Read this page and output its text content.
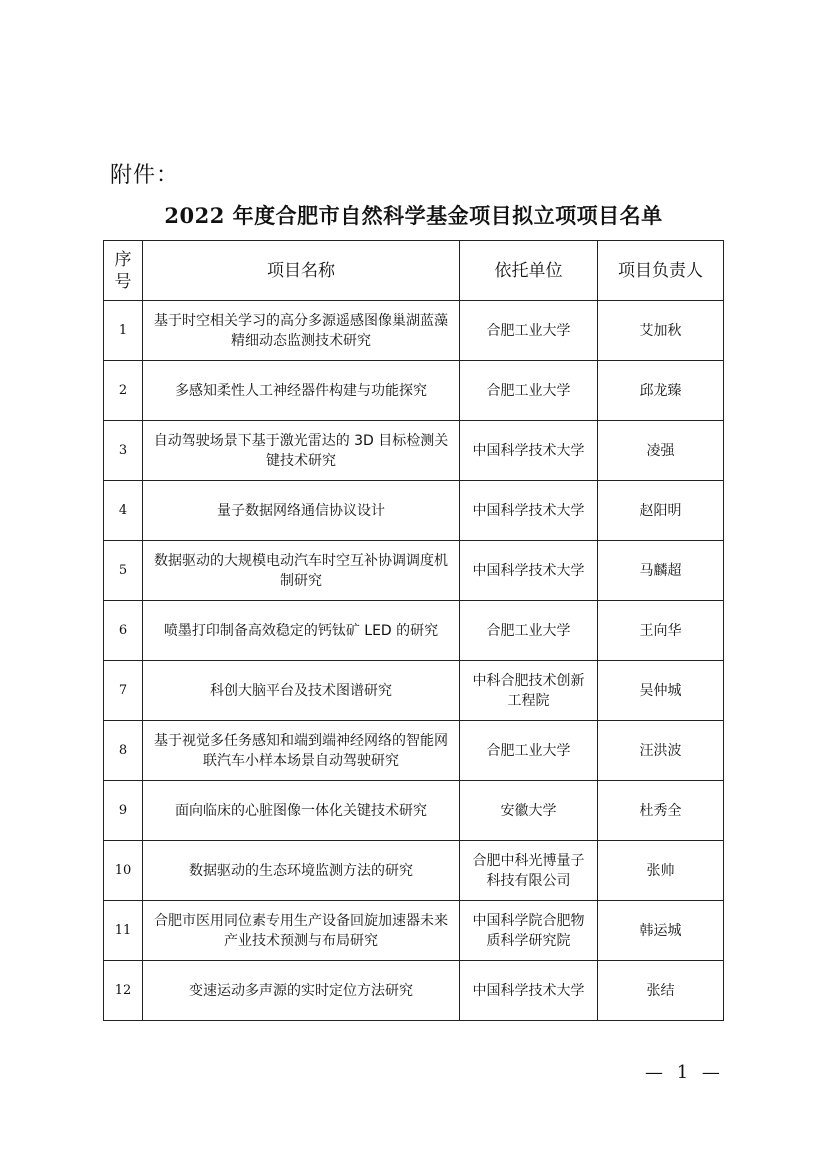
附件：
2022 年度合肥市自然科学基金项目拟立项项目名单
序号	项目名称	依托单位	项目负责人
1	基于时空相关学习的高分多源遥感图像巢湖蓝藻精细动态监测技术研究	合肥工业大学	艾加秋
2	多感知柔性人工神经器件构建与功能探究	合肥工业大学	邱龙臻
3	自动驾驶场景下基于激光雷达的 3D 目标检测关键技术研究	中国科学技术大学	凌强
4	量子数据网络通信协议设计	中国科学技术大学	赵阳明
5	数据驱动的大规模电动汽车时空互补协调调度机制研究	中国科学技术大学	马麟超
6	喷墨打印制备高效稳定的钙钛矿 LED 的研究	合肥工业大学	王向华
7	科创大脑平台及技术图谱研究	中科合肥技术创新工程院	吴仲城
8	基于视觉多任务感知和端到端神经网络的智能网联汽车小样本场景自动驾驶研究	合肥工业大学	汪洪波
9	面向临床的心脏图像一体化关键技术研究	安徽大学	杜秀全
10	数据驱动的生态环境监测方法的研究	合肥中科光博量子科技有限公司	张帅
11	合肥市医用同位素专用生产设备回旋加速器未来产业技术预测与布局研究	中国科学院合肥物质科学研究院	韩运城
12	变速运动多声源的实时定位方法研究	中国科学技术大学	张结
— 1 —
